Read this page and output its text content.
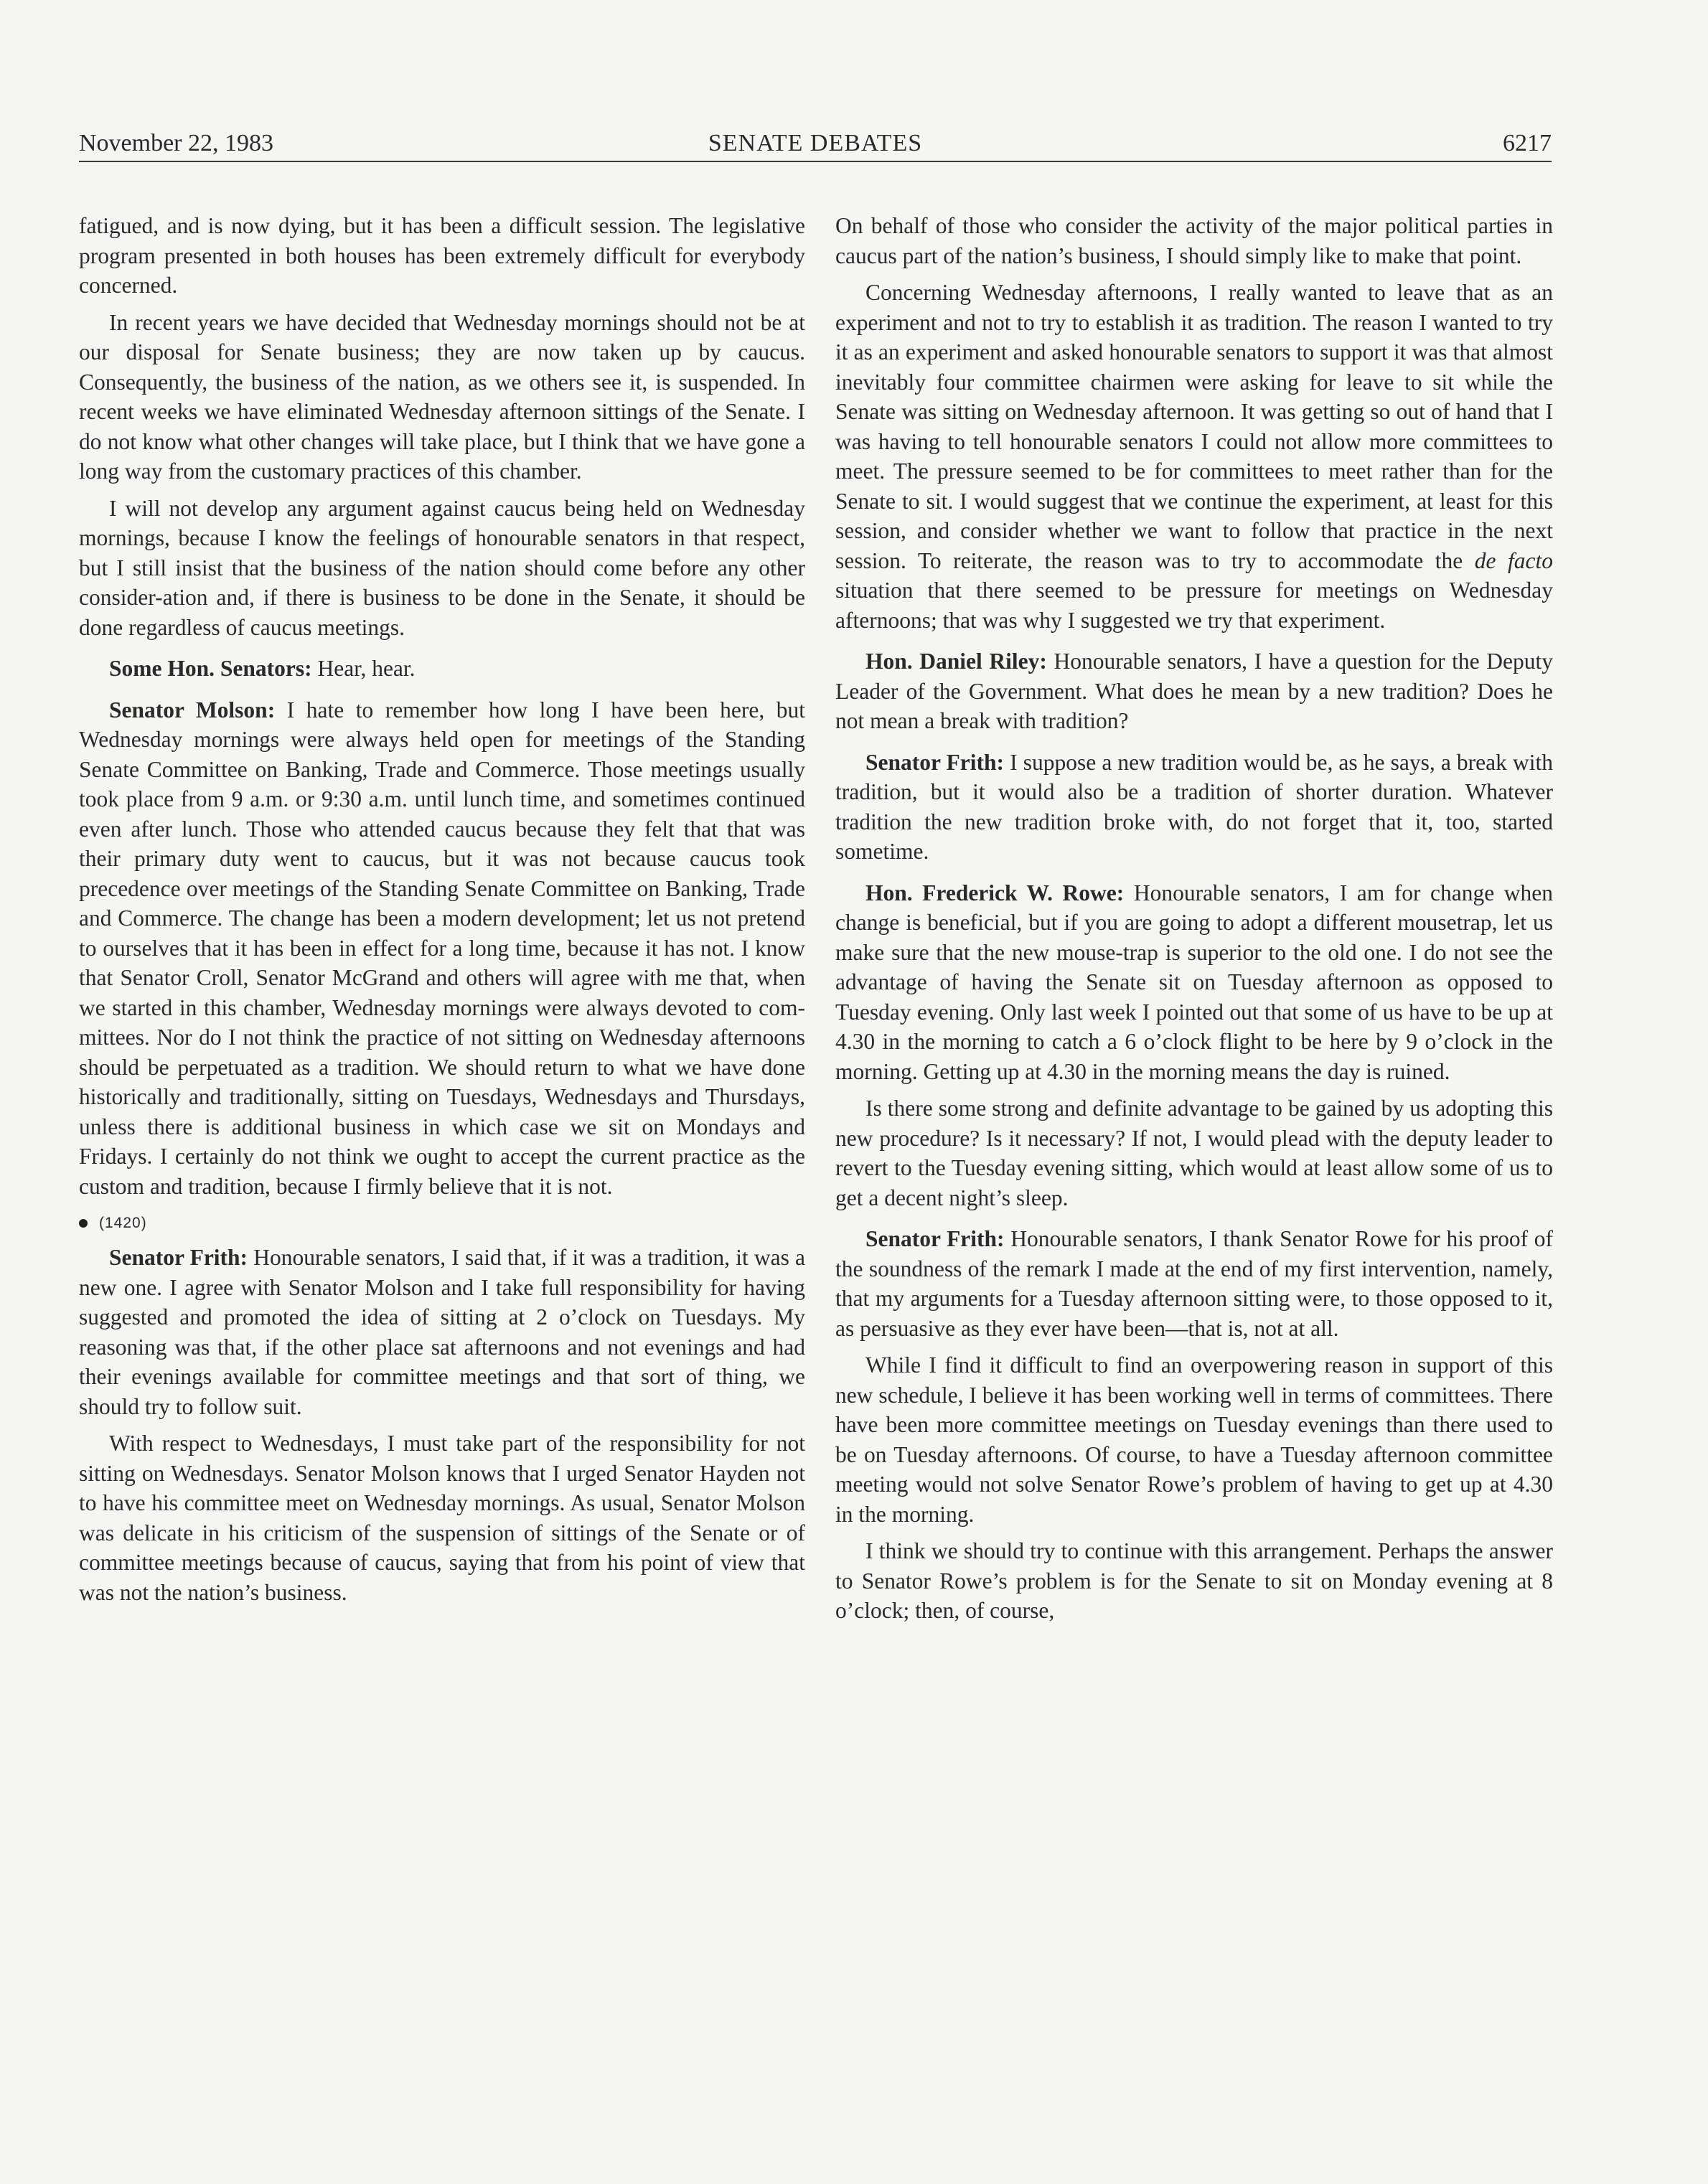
November 22, 1983	SENATE DEBATES	6217

fatigued, and is now dying, but it has been a difficult session. The legislative program presented in both houses has been extremely difficult for everybody concerned.

In recent years we have decided that Wednesday mornings should not be at our disposal for Senate business; they are now taken up by caucus. Consequently, the business of the nation, as we others see it, is suspended. In recent weeks we have eliminated Wednesday afternoon sittings of the Senate. I do not know what other changes will take place, but I think that we have gone a long way from the customary practices of this chamber.

I will not develop any argument against caucus being held on Wednesday mornings, because I know the feelings of honourable senators in that respect, but I still insist that the business of the nation should come before any other consider-ation and, if there is business to be done in the Senate, it should be done regardless of caucus meetings.

Some Hon. Senators: Hear, hear.

Senator Molson: I hate to remember how long I have been here, but Wednesday mornings were always held open for meetings of the Standing Senate Committee on Banking, Trade and Commerce. Those meetings usually took place from 9 a.m. or 9:30 a.m. until lunch time, and sometimes continued even after lunch. Those who attended caucus because they felt that that was their primary duty went to caucus, but it was not because caucus took precedence over meetings of the Standing Senate Committee on Banking, Trade and Commerce. The change has been a modern development; let us not pretend to ourselves that it has been in effect for a long time, because it has not. I know that Senator Croll, Senator McGrand and others will agree with me that, when we started in this chamber, Wednesday mornings were always devoted to com-mittees. Nor do I not think the practice of not sitting on Wednesday afternoons should be perpetuated as a tradition. We should return to what we have done historically and traditionally, sitting on Tuesdays, Wednesdays and Thursdays, unless there is additional business in which case we sit on Mondays and Fridays. I certainly do not think we ought to accept the current practice as the custom and tradition, because I firmly believe that it is not.

(1420)

Senator Frith: Honourable senators, I said that, if it was a tradition, it was a new one. I agree with Senator Molson and I take full responsibility for having suggested and promoted the idea of sitting at 2 o’clock on Tuesdays. My reasoning was that, if the other place sat afternoons and not evenings and had their evenings available for committee meetings and that sort of thing, we should try to follow suit.

With respect to Wednesdays, I must take part of the responsibility for not sitting on Wednesdays. Senator Molson knows that I urged Senator Hayden not to have his committee meet on Wednesday mornings. As usual, Senator Molson was delicate in his criticism of the suspension of sittings of the Senate or of committee meetings because of caucus, saying that from his point of view that was not the nation’s business.

On behalf of those who consider the activity of the major political parties in caucus part of the nation’s business, I should simply like to make that point.

Concerning Wednesday afternoons, I really wanted to leave that as an experiment and not to try to establish it as tradition. The reason I wanted to try it as an experiment and asked honourable senators to support it was that almost inevitably four committee chairmen were asking for leave to sit while the Senate was sitting on Wednesday afternoon. It was getting so out of hand that I was having to tell honourable senators I could not allow more committees to meet. The pressure seemed to be for committees to meet rather than for the Senate to sit. I would suggest that we continue the experiment, at least for this session, and consider whether we want to follow that practice in the next session. To reiterate, the reason was to try to accommodate the de facto situation that there seemed to be pressure for meetings on Wednesday afternoons; that was why I suggested we try that experiment.

Hon. Daniel Riley: Honourable senators, I have a question for the Deputy Leader of the Government. What does he mean by a new tradition? Does he not mean a break with tradition?

Senator Frith: I suppose a new tradition would be, as he says, a break with tradition, but it would also be a tradition of shorter duration. Whatever tradition the new tradition broke with, do not forget that it, too, started sometime.

Hon. Frederick W. Rowe: Honourable senators, I am for change when change is beneficial, but if you are going to adopt a different mousetrap, let us make sure that the new mouse-trap is superior to the old one. I do not see the advantage of having the Senate sit on Tuesday afternoon as opposed to Tuesday evening. Only last week I pointed out that some of us have to be up at 4.30 in the morning to catch a 6 o’clock flight to be here by 9 o’clock in the morning. Getting up at 4.30 in the morning means the day is ruined.

Is there some strong and definite advantage to be gained by us adopting this new procedure? Is it necessary? If not, I would plead with the deputy leader to revert to the Tuesday evening sitting, which would at least allow some of us to get a decent night’s sleep.

Senator Frith: Honourable senators, I thank Senator Rowe for his proof of the soundness of the remark I made at the end of my first intervention, namely, that my arguments for a Tuesday afternoon sitting were, to those opposed to it, as persuasive as they ever have been—that is, not at all.

While I find it difficult to find an overpowering reason in support of this new schedule, I believe it has been working well in terms of committees. There have been more committee meetings on Tuesday evenings than there used to be on Tuesday afternoons. Of course, to have a Tuesday afternoon committee meeting would not solve Senator Rowe’s problem of having to get up at 4.30 in the morning.

I think we should try to continue with this arrangement. Perhaps the answer to Senator Rowe’s problem is for the Senate to sit on Monday evening at 8 o’clock; then, of course,
